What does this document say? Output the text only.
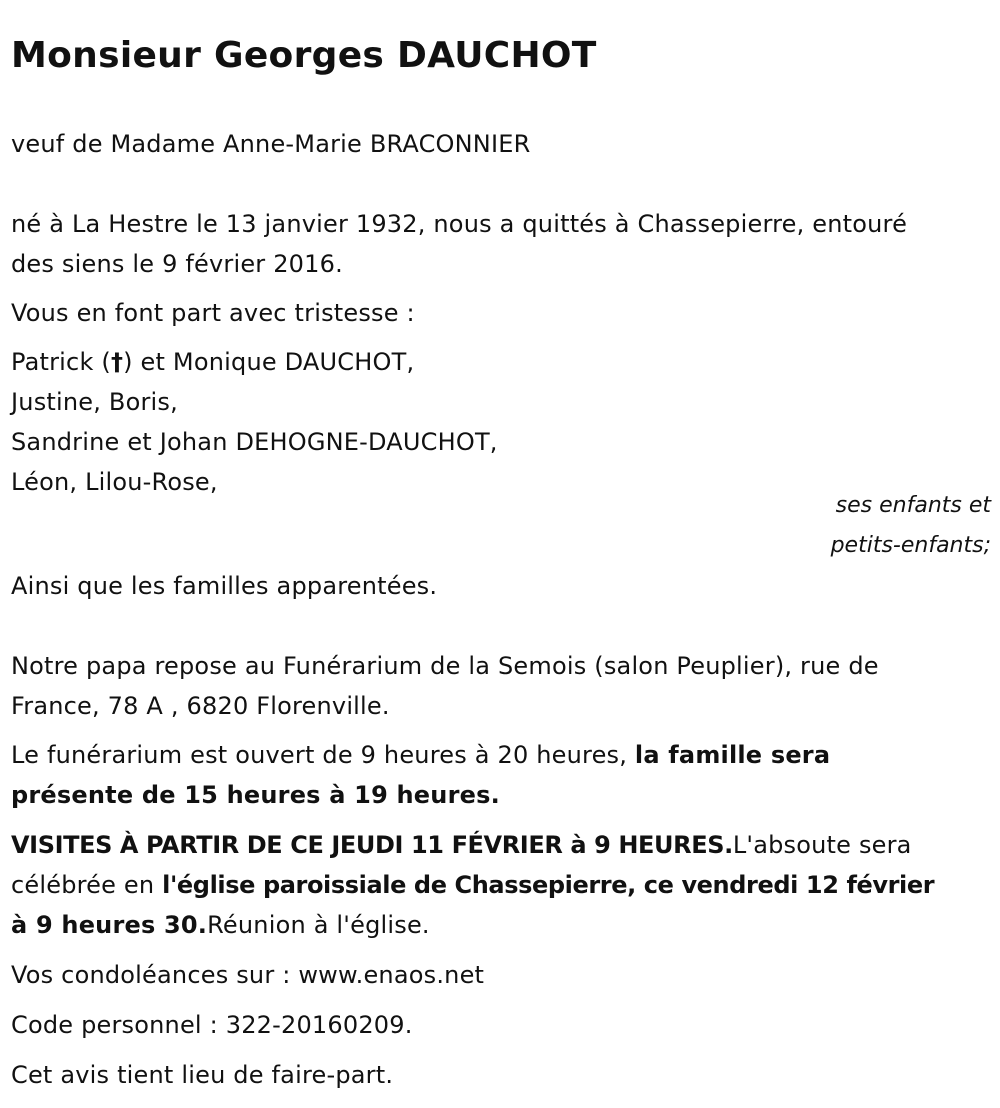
Monsieur Georges DAUCHOT
veuf de Madame Anne-Marie BRACONNIER
né à La Hestre le 13 janvier 1932, nous a quittés à Chassepierre, entouré
des siens le 9 février 2016.
Vous en font part avec tristesse :
Patrick (†) et Monique DAUCHOT,
Justine, Boris,
Sandrine et Johan DEHOGNE-DAUCHOT,
Léon, Lilou-Rose,
ses enfants et
petits-enfants;
Ainsi que les familles apparentées.
Notre papa repose au Funérarium de la Semois (salon Peuplier), rue de
France, 78 A , 6820 Florenville.
Le funérarium est ouvert de 9 heures à 20 heures, la famille sera
présente de 15 heures à 19 heures.
VISITES À PARTIR DE CE JEUDI 11 FÉVRIER à 9 HEURES.L'absoute sera
célébrée en l'église paroissiale de Chassepierre, ce vendredi 12 février
à 9 heures 30.Réunion à l'église.
Vos condoléances sur : www.enaos.net
Code personnel : 322-20160209.
Cet avis tient lieu de faire-part.
